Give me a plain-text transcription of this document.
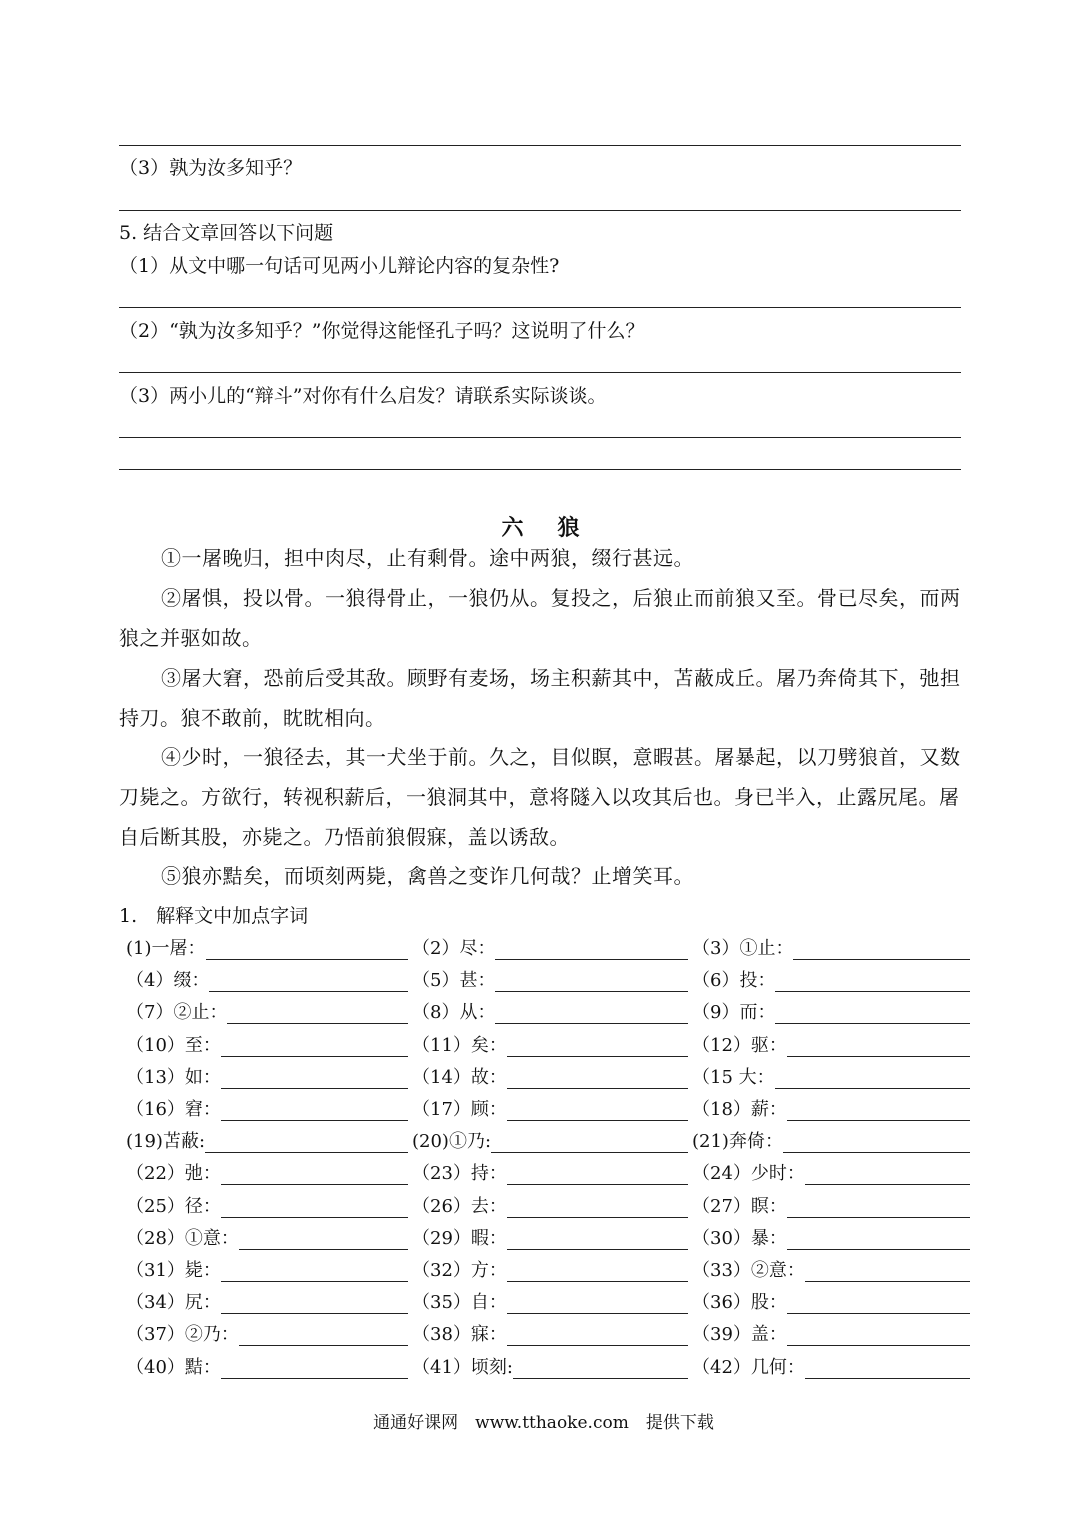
（3）孰为汝多知乎？
5. 结合文章回答以下问题
（1）从文中哪一句话可见两小儿辩论内容的复杂性?
（2）“孰为汝多知乎？”你觉得这能怪孔子吗？这说明了什么？
（3）两小儿的“辩斗”对你有什么启发？请联系实际谈谈。
六　狼
①一屠晚归，担中肉尽，止有剩骨。途中两狼，缀行甚远。
②屠惧，投以骨。一狼得骨止，一狼仍从。复投之，后狼止而前狼又至。骨已尽矣，而两狼之并驱如故。
③屠大窘，恐前后受其敌。顾野有麦场，场主积薪其中，苫蔽成丘。屠乃奔倚其下，弛担持刀。狼不敢前，眈眈相向。
④少时，一狼径去，其一犬坐于前。久之，目似瞑，意暇甚。屠暴起，以刀劈狼首，又数刀毙之。方欲行，转视积薪后，一狼洞其中，意将隧入以攻其后也。身已半入，止露尻尾。屠自后断其股，亦毙之。乃悟前狼假寐，盖以诱敌。
⑤狼亦黠矣，而顷刻两毙，禽兽之变诈几何哉？止增笑耳。
1.　解释文中加点字词
(1)一屠：	（2）尽：	（3）①止：
（4）缀：	（5）甚：	（6）投：
（7）②止：	（8）从：	（9）而：
（10）至：	（11）矣：	（12）驱：
（13）如：	（14）故：	（15 大：
（16）窘：	（17）顾：	（18）薪：
(19)苫蔽:	(20)①乃:	(21)奔倚：
（22）弛：	（23）持：	（24）少时：
（25）径：	（26）去：	（27）瞑：
（28）①意：	（29）暇：	（30）暴：
（31）毙：	（32）方：	（33）②意：
（34）尻：	（35）自：	（36）股：
（37）②乃：	（38）寐：	（39）盖：
（40）黠：	（41）顷刻:	（42）几何：
通通好课网　www.tthaoke.com　提供下载
